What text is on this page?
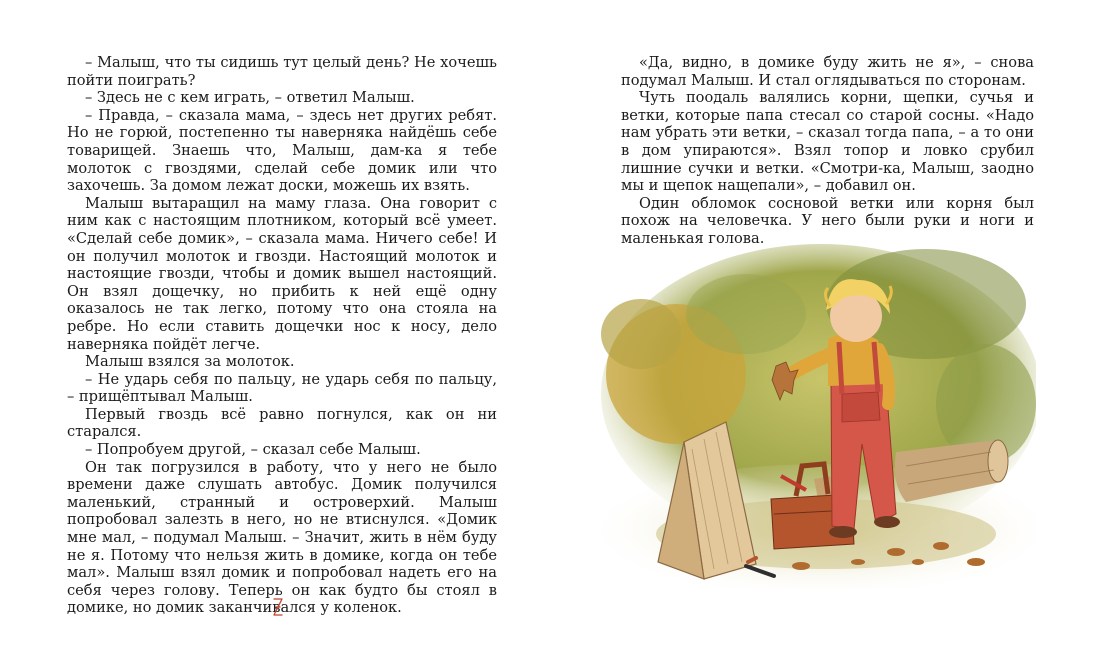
– Малыш, что ты сидишь тут целый день? Не хочешь пойти поиграть?

– Здесь не с кем играть, – ответил Малыш.

– Правда, – сказала мама, – здесь нет других ребят. Но не горюй, постепенно ты наверняка найдёшь себе товарищей. Знаешь что, Малыш, дам-ка я тебе молоток с гвоздями, сделай себе домик или что захочешь. За домом лежат доски, можешь их взять.

Малыш вытаращил на маму глаза. Она говорит с ним как с настоящим плотником, который всё умеет. «Сделай себе домик», – сказала мама. Ничего себе! И он получил молоток и гвозди. Настоящий молоток и настоящие гвозди, чтобы и домик вышел настоящий. Он взял дощечку, но прибить к ней ещё одну оказалось не так легко, потому что она стояла на ребре. Но если ставить дощечки нос к носу, дело наверняка пойдёт легче.

Малыш взялся за молоток.

– Не ударь себя по пальцу, не ударь себя по пальцу, – прищёптывал Малыш.

Первый гвоздь всё равно погнулся, как он ни старался.

– Попробуем другой, – сказал себе Малыш.

Он так погрузился в работу, что у него не было времени даже слушать автобус. Домик получился маленький, странный и островерхий. Малыш попробовал залезть в него, но не втиснулся. «Домик мне мал, – подумал Малыш. – Значит, жить в нём буду не я. Потому что нельзя жить в домике, когда он тебе мал». Малыш взял домик и попробовал надеть его на себя через голову. Теперь он как будто бы стоял в домике, но домик заканчивался у коленок.

«Да, видно, в домике буду жить не я», – снова подумал Малыш. И стал оглядываться по сторонам.

Чуть поодаль валялись корни, щепки, сучья и ветки, которые папа стесал со старой сосны. «Надо нам убрать эти ветки, – сказал тогда папа, – а то они в дом упираются». Взял топор и ловко срубил лишние сучки и ветки. «Смотри-ка, Малыш, заодно мы и щепок нащепали», – добавил он.

Один обломок сосновой ветки или корня был похож на человечка. У него были руки и ноги и маленькая голова.
